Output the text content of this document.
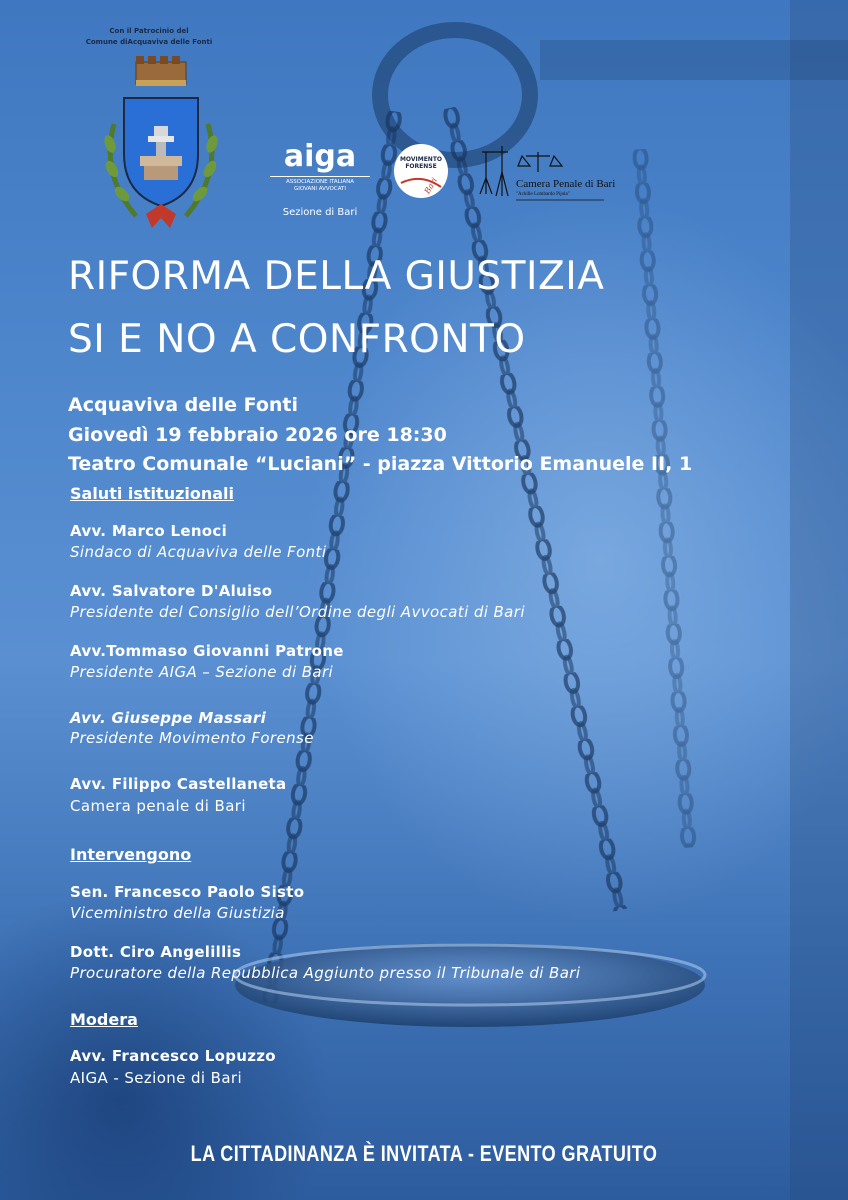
Con il Patrocinio del
Comune diAcquaviva delle Fonti
aiga
ASSOCIAZIONE ITALIANA
GIOVANI AVVOCATI
Sezione di Bari
MOVIMENTO
FORENSE
Bari	Camera Penale di Bari
"Achille Lombardo Pijola"
RIFORMA DELLA GIUSTIZIA
SI E NO A CONFRONTO
Acquaviva delle Fonti
Giovedì 19 febbraio 2026 ore 18:30
Teatro Comunale “Luciani” - piazza Vittorio Emanuele II, 1
Saluti istituzionali
Avv. Marco Lenoci
Sindaco di Acquaviva delle Fonti
Avv. Salvatore D'Aluiso
Presidente del Consiglio dell’Ordine degli Avvocati di Bari
Avv.Tommaso Giovanni Patrone
Presidente AIGA – Sezione di Bari
Avv. Giuseppe Massari
Presidente Movimento Forense
Avv. Filippo Castellaneta
Camera penale di Bari
Intervengono
Sen. Francesco Paolo Sisto
Viceministro della Giustizia
Dott. Ciro Angelillis
Procuratore della Repubblica Aggiunto presso il Tribunale di Bari
Modera
Avv. Francesco Lopuzzo
AIGA - Sezione di Bari
LA CITTADINANZA È INVITATA - EVENTO GRATUITO
